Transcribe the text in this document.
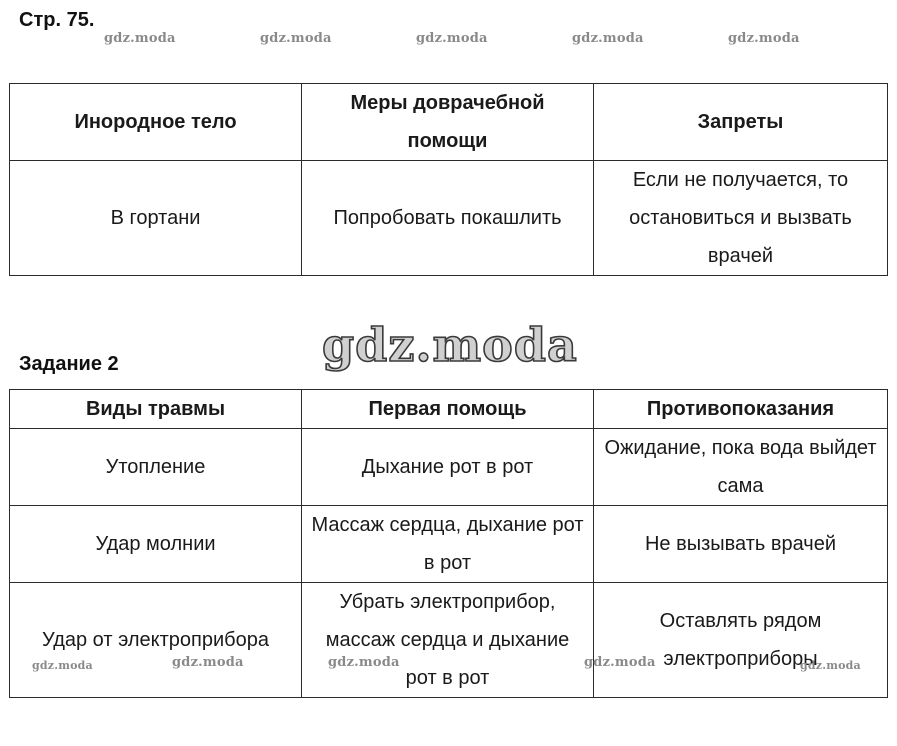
Стр. 75.
gdz.moda	gdz.moda	gdz.moda	gdz.moda	gdz.moda
Инородное тело	Меры доврачебной помощи	Запреты
В гортани	Попробовать покашлить	Если не получается, то остановиться и вызвать врачей
gdz.moda
Задание 2
Виды травмы	Первая помощь	Противопоказания
Утопление	Дыхание рот в рот	Ожидание, пока вода выйдет сама
Удар молнии	Массаж сердца, дыхание рот в рот	Не вызывать врачей
Удар от электроприбора	Убрать электроприбор, массаж сердца и дыхание рот в рот	Оставлять рядом электроприборы
gdz.moda	gdz.moda	gdz.moda	gdz.moda	gdz.moda
